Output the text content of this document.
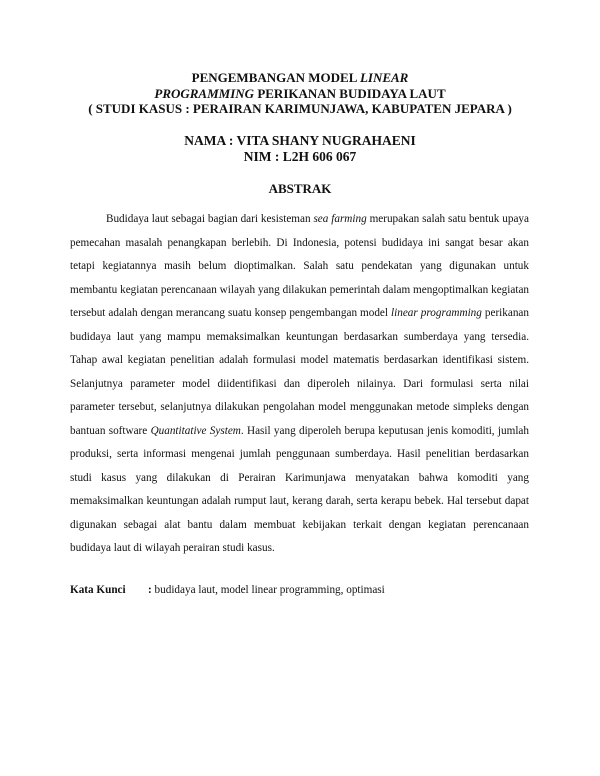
PENGEMBANGAN MODEL LINEAR
PROGRAMMING PERIKANAN BUDIDAYA LAUT
( STUDI KASUS : PERAIRAN KARIMUNJAWA, KABUPATEN JEPARA )
NAMA : VITA SHANY NUGRAHAENI
NIM : L2H 606 067
ABSTRAK

Budidaya laut sebagai bagian dari kesisteman sea farming merupakan salah satu bentuk upaya pemecahan masalah penangkapan berlebih. Di Indonesia, potensi budidaya ini sangat besar akan tetapi kegiatannya masih belum dioptimalkan. Salah satu pendekatan yang digunakan untuk membantu kegiatan perencanaan wilayah yang dilakukan pemerintah dalam mengoptimalkan kegiatan tersebut adalah dengan merancang suatu konsep pengembangan model linear programming perikanan budidaya laut yang mampu memaksimalkan keuntungan berdasarkan sumberdaya yang tersedia. Tahap awal kegiatan penelitian adalah formulasi model matematis berdasarkan identifikasi sistem. Selanjutnya parameter model diidentifikasi dan diperoleh nilainya. Dari formulasi serta nilai parameter tersebut, selanjutnya dilakukan pengolahan model menggunakan metode simpleks dengan bantuan software Quantitative System. Hasil yang diperoleh berupa keputusan jenis komoditi, jumlah produksi, serta informasi mengenai jumlah penggunaan sumberdaya. Hasil penelitian berdasarkan studi kasus yang dilakukan di Perairan Karimunjawa menyatakan bahwa komoditi yang memaksimalkan keuntungan adalah rumput laut, kerang darah, serta kerapu bebek. Hal tersebut dapat digunakan sebagai alat bantu dalam membuat kebijakan terkait dengan kegiatan perencanaan budidaya laut di wilayah perairan studi kasus.

Kata Kunci : budidaya laut, model linear programming, optimasi
